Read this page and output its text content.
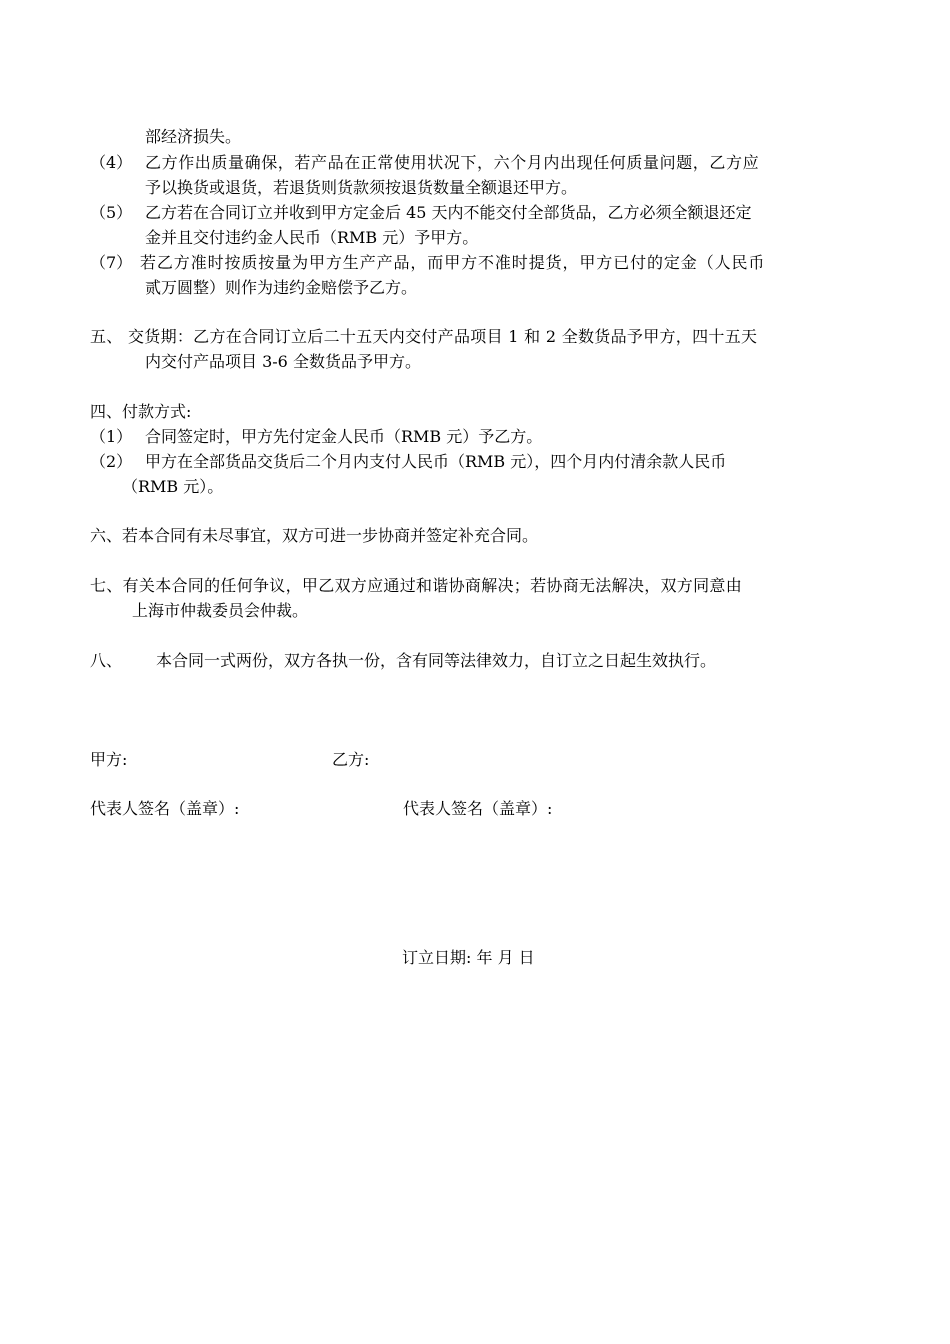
部经济损失。
（4） 乙方作出质量确保，若产品在正常使用状况下，六个月内出现任何质量问题，乙方应
予以换货或退货，若退货则货款须按退货数量全额退还甲方。
（5） 乙方若在合同订立并收到甲方定金后 45 天内不能交付全部货品，乙方必须全额退还定
金并且交付违约金人民币（RMB 元）予甲方。
（7） 若乙方准时按质按量为甲方生产产品，而甲方不准时提货，甲方已付的定金（人民币
贰万圆整）则作为违约金赔偿予乙方。
五、 交货期：乙方在合同订立后二十五天内交付产品项目 1 和 2 全数货品予甲方，四十五天
内交付产品项目 3-6 全数货品予甲方。
四、付款方式:
（1） 合同签定时，甲方先付定金人民币（RMB 元）予乙方。
（2） 甲方在全部货品交货后二个月内支付人民币（RMB 元），四个月内付清余款人民币
（RMB 元）。
六、若本合同有未尽事宜，双方可进一步协商并签定补充合同。
七、有关本合同的任何争议，甲乙双方应通过和谐协商解决；若协商无法解决，双方同意由
上海市仲裁委员会仲裁。
八、 本合同一式两份，双方各执一份，含有同等法律效力，自订立之日起生效执行。
甲方:	乙方:
代表人签名（盖章）:	代表人签名（盖章）:
订立日期: 年 月 日
